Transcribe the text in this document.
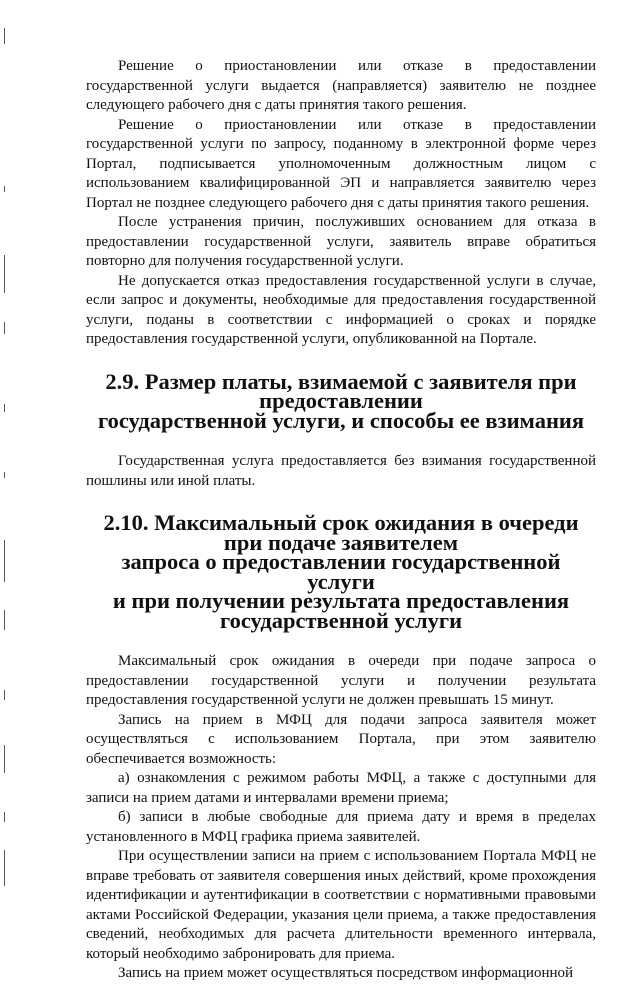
Решение о приостановлении или отказе в предоставлении государственной услуги выдается (направляется) заявителю не позднее следующего рабочего дня с даты принятия такого решения.

Решение о приостановлении или отказе в предоставлении государственной услуги по запросу, поданному в электронной форме через Портал, подписывается уполномоченным должностным лицом с использованием квалифицированной ЭП и направляется заявителю через Портал не позднее следующего рабочего дня с даты принятия такого решения.

После устранения причин, послуживших основанием для отказа в предоставлении государственной услуги, заявитель вправе обратиться повторно для получения государственной услуги.

Не допускается отказ предоставления государственной услуги в случае, если запрос и документы, необходимые для предоставления государственной услуги, поданы в соответствии с информацией о сроках и порядке предоставления государственной услуги, опубликованной на Портале.

2.9. Размер платы, взимаемой с заявителя при предоставлении
государственной услуги, и способы ее взимания

Государственная услуга предоставляется без взимания государственной пошлины или иной платы.

2.10. Максимальный срок ожидания в очереди при подаче заявителем
запроса о предоставлении государственной услуги
и при получении результата предоставления
государственной услуги

Максимальный срок ожидания в очереди при подаче запроса о предоставлении государственной услуги и получении результата предоставления государственной услуги не должен превышать 15 минут.

Запись на прием в МФЦ для подачи запроса заявителя может осуществляться с использованием Портала, при этом заявителю обеспечивается возможность:

а) ознакомления с режимом работы МФЦ, а также с доступными для записи на прием датами и интервалами времени приема;

б) записи в любые свободные для приема дату и время в пределах установленного в МФЦ графика приема заявителей.

При осуществлении записи на прием с использованием Портала МФЦ не вправе требовать от заявителя совершения иных действий, кроме прохождения идентификации и аутентификации в соответствии с нормативными правовыми актами Российской Федерации, указания цели приема, а также предоставления сведений, необходимых для расчета длительности временного интервала, который необходимо забронировать для приема.

Запись на прием может осуществляться посредством информационной
